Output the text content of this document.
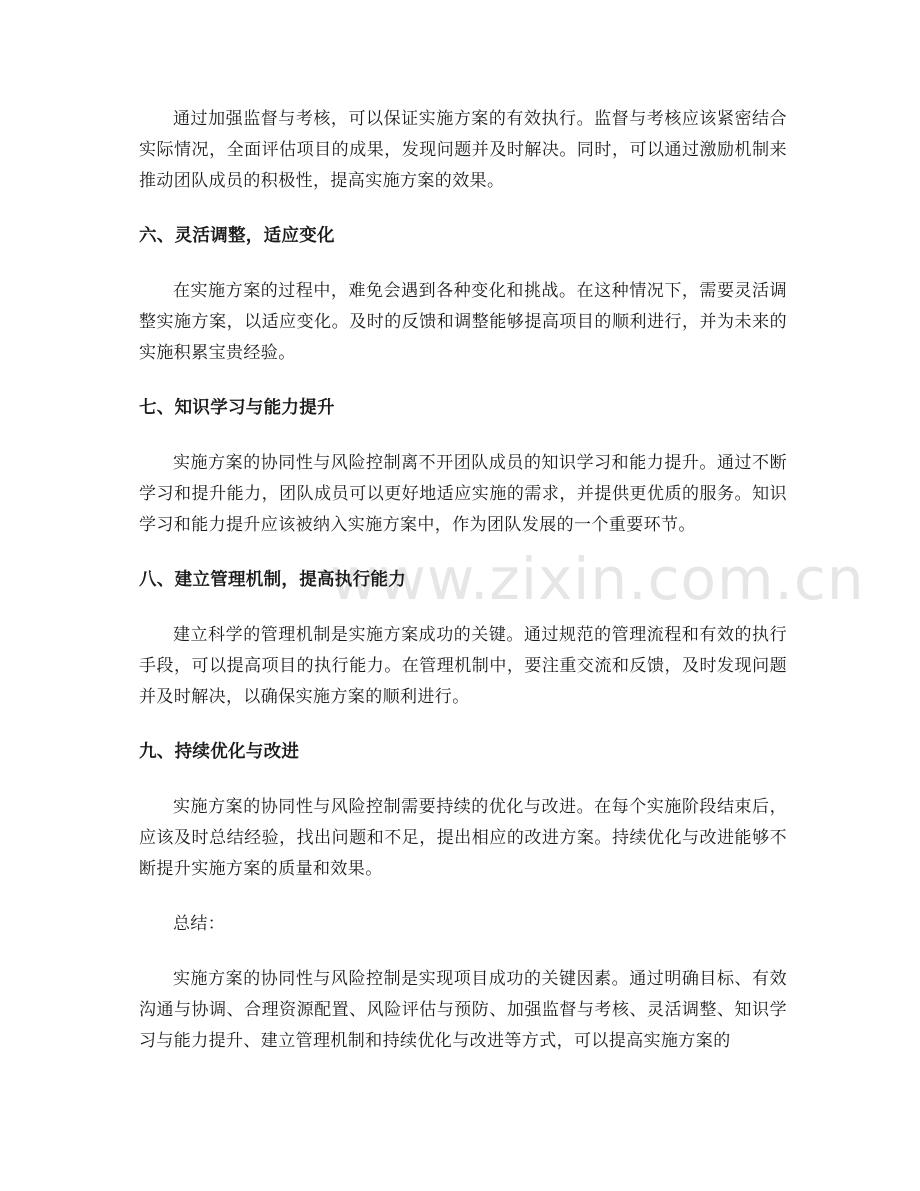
www.zixin.com.cn

通过加强监督与考核，可以保证实施方案的有效执行。监督与考核应该紧密结合实际情况，全面评估项目的成果，发现问题并及时解决。同时，可以通过激励机制来推动团队成员的积极性，提高实施方案的效果。

六、灵活调整，适应变化

在实施方案的过程中，难免会遇到各种变化和挑战。在这种情况下，需要灵活调整实施方案，以适应变化。及时的反馈和调整能够提高项目的顺利进行，并为未来的实施积累宝贵经验。

七、知识学习与能力提升

实施方案的协同性与风险控制离不开团队成员的知识学习和能力提升。通过不断学习和提升能力，团队成员可以更好地适应实施的需求，并提供更优质的服务。知识学习和能力提升应该被纳入实施方案中，作为团队发展的一个重要环节。

八、建立管理机制，提高执行能力

建立科学的管理机制是实施方案成功的关键。通过规范的管理流程和有效的执行手段，可以提高项目的执行能力。在管理机制中，要注重交流和反馈，及时发现问题并及时解决，以确保实施方案的顺利进行。

九、持续优化与改进

实施方案的协同性与风险控制需要持续的优化与改进。在每个实施阶段结束后，应该及时总结经验，找出问题和不足，提出相应的改进方案。持续优化与改进能够不断提升实施方案的质量和效果。

总结：

实施方案的协同性与风险控制是实现项目成功的关键因素。通过明确目标、有效沟通与协调、合理资源配置、风险评估与预防、加强监督与考核、灵活调整、知识学习与能力提升、建立管理机制和持续优化与改进等方式，可以提高实施方案的
